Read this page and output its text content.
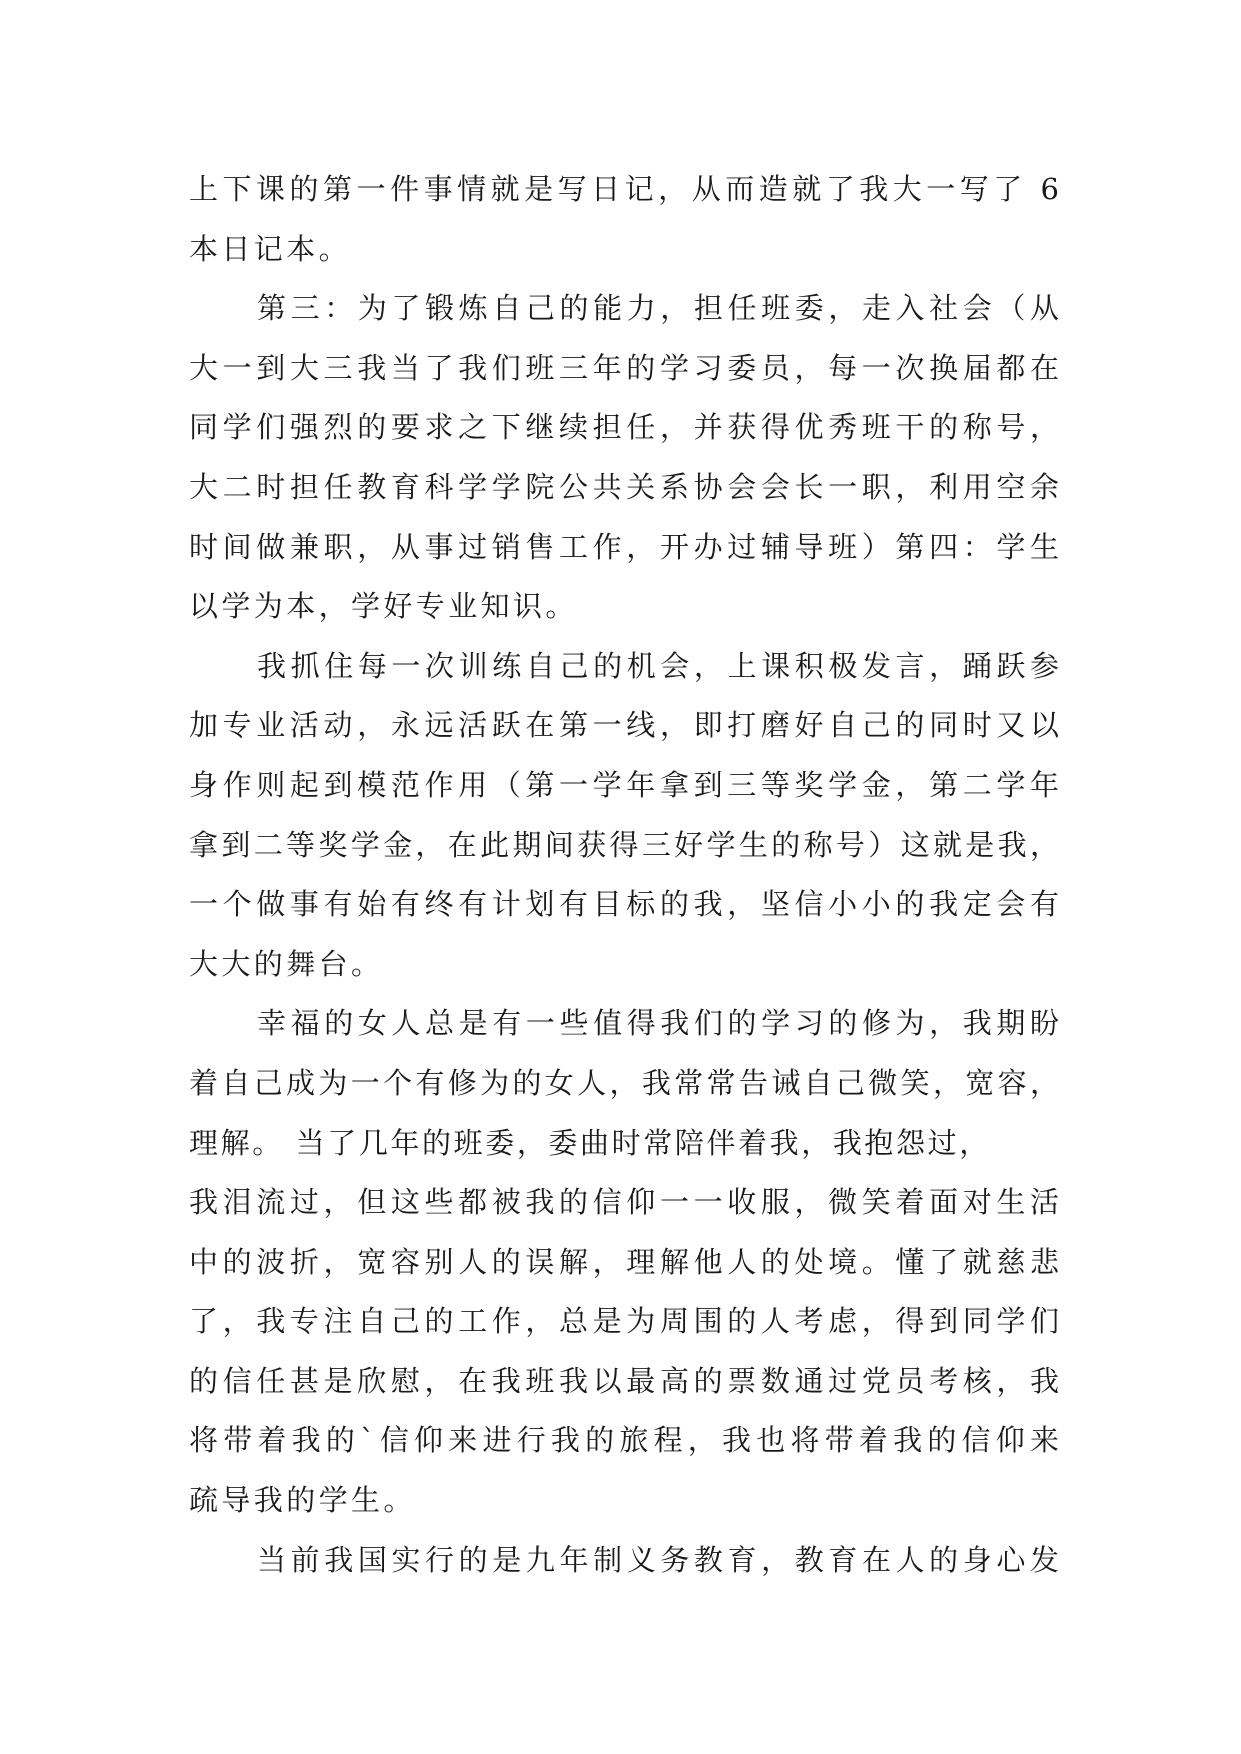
上下课的第一件事情就是写日记，从而造就了我大一写了 6
本日记本。
第三：为了锻炼自己的能力，担任班委，走入社会（从
大一到大三我当了我们班三年的学习委员，每一次换届都在
同学们强烈的要求之下继续担任，并获得优秀班干的称号，
大二时担任教育科学学院公共关系协会会长一职，利用空余
时间做兼职，从事过销售工作，开办过辅导班）第四：学生
以学为本，学好专业知识。
我抓住每一次训练自己的机会，上课积极发言，踊跃参
加专业活动，永远活跃在第一线，即打磨好自己的同时又以
身作则起到模范作用（第一学年拿到三等奖学金，第二学年
拿到二等奖学金，在此期间获得三好学生的称号）这就是我，
一个做事有始有终有计划有目标的我，坚信小小的我定会有
大大的舞台。
幸福的女人总是有一些值得我们的学习的修为，我期盼
着自己成为一个有修为的女人，我常常告诫自己微笑，宽容，
理解。 当了几年的班委，委曲时常陪伴着我，我抱怨过，
我泪流过，但这些都被我的信仰一一收服，微笑着面对生活
中的波折，宽容别人的误解，理解他人的处境。懂了就慈悲
了，我专注自己的工作，总是为周围的人考虑，得到同学们
的信任甚是欣慰，在我班我以最高的票数通过党员考核，我
将带着我的`信仰来进行我的旅程，我也将带着我的信仰来
疏导我的学生。
当前我国实行的是九年制义务教育，教育在人的身心发
